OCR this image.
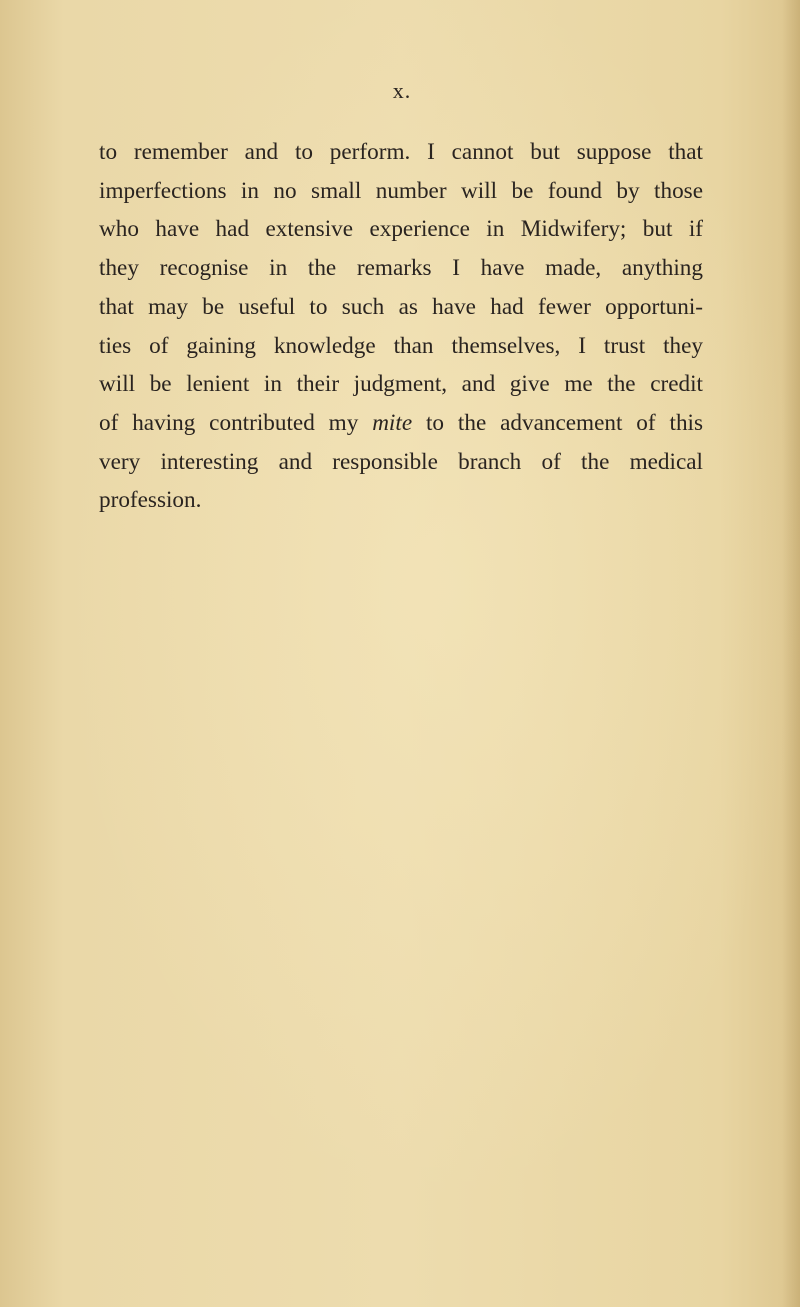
x.
to remember and to perform. I cannot but suppose that
imperfections in no small number will be found by those
who have had extensive experience in Midwifery; but if
they recognise in the remarks I have made, anything
that may be useful to such as have had fewer opportuni-
ties of gaining knowledge than themselves, I trust they
will be lenient in their judgment, and give me the credit
of having contributed my mite to the advancement of this
very interesting and responsible branch of the medical
profession.
